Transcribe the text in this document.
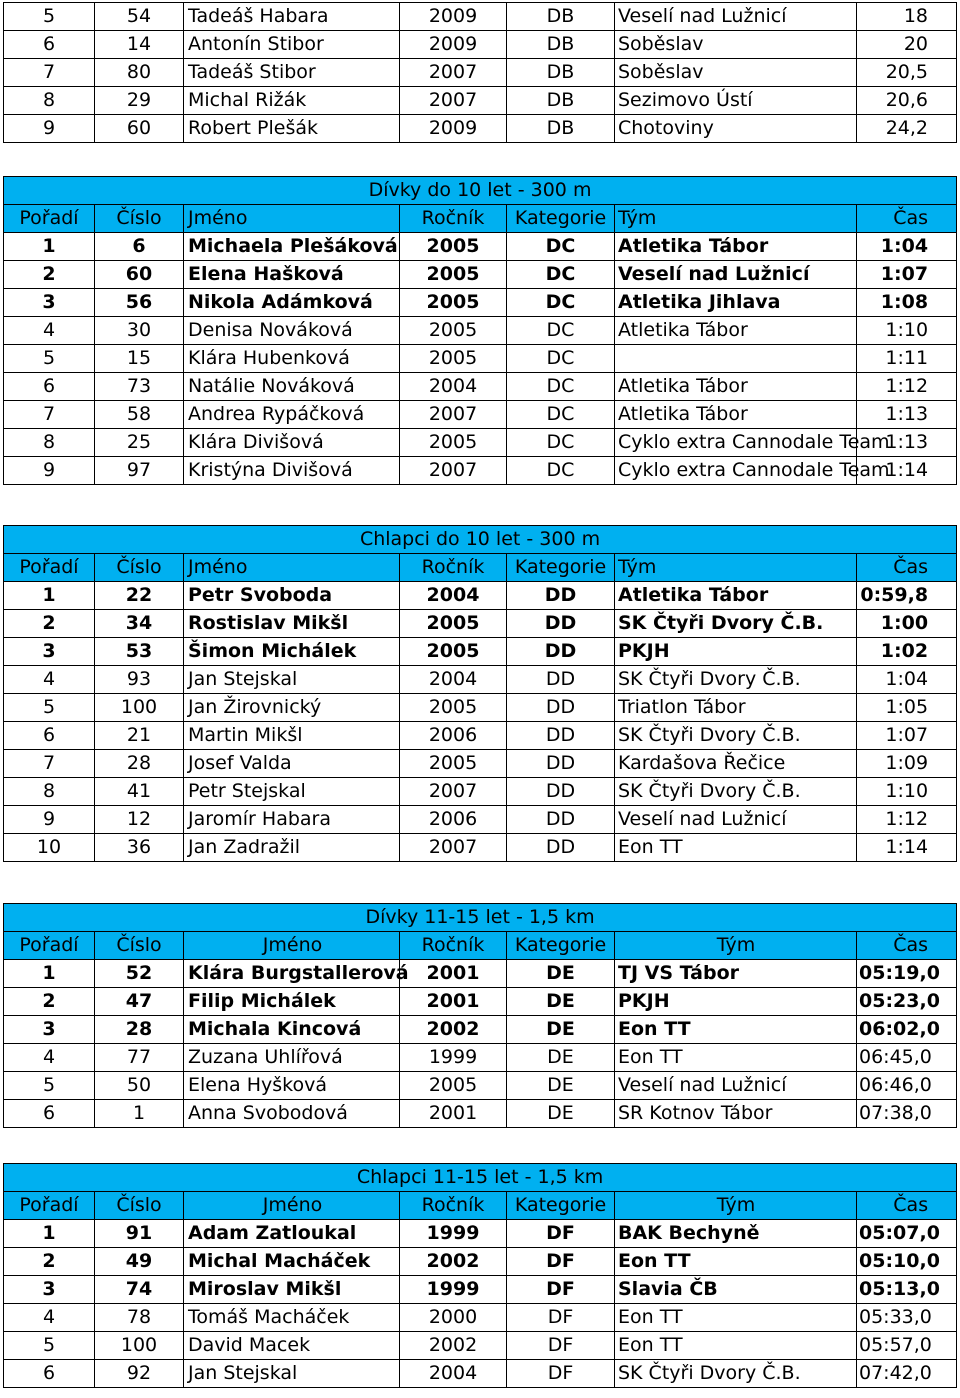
5	54	Tadeáš Habara	2009	DB	Veselí nad Lužnicí	18
6	14	Antonín Stibor	2009	DB	Soběslav	20
7	80	Tadeáš Stibor	2007	DB	Soběslav	20,5
8	29	Michal Rižák	2007	DB	Sezimovo Ústí	20,6
9	60	Robert Plešák	2009	DB	Chotoviny	24,2
Dívky do 10 let - 300 m						
Pořadí	Číslo	Jméno	Ročník	Kategorie	Tým	Čas
1	6	Michaela Plešáková	2005	DC	Atletika Tábor	1:04
2	60	Elena Hašková	2005	DC	Veselí nad Lužnicí	1:07
3	56	Nikola Adámková	2005	DC	Atletika Jihlava	1:08
4	30	Denisa Nováková	2005	DC	Atletika Tábor	1:10
5	15	Klára Hubenková	2005	DC		1:11
6	73	Natálie Nováková	2004	DC	Atletika Tábor	1:12
7	58	Andrea Rypáčková	2007	DC	Atletika Tábor	1:13
8	25	Klára Divišová	2005	DC	Cyklo extra Cannodale Team	1:13
9	97	Kristýna Divišová	2007	DC	Cyklo extra Cannodale Team	1:14
Chlapci do 10 let - 300 m						
Pořadí	Číslo	Jméno	Ročník	Kategorie	Tým	Čas
1	22	Petr Svoboda	2004	DD	Atletika Tábor	0:59,8
2	34	Rostislav Mikšl	2005	DD	SK Čtyři Dvory Č.B.	1:00
3	53	Šimon Michálek	2005	DD	PKJH	1:02
4	93	Jan Stejskal	2004	DD	SK Čtyři Dvory Č.B.	1:04
5	100	Jan Žirovnický	2005	DD	Triatlon Tábor	1:05
6	21	Martin Mikšl	2006	DD	SK Čtyři Dvory Č.B.	1:07
7	28	Josef Valda	2005	DD	Kardašova Řečice	1:09
8	41	Petr Stejskal	2007	DD	SK Čtyři Dvory Č.B.	1:10
9	12	Jaromír Habara	2006	DD	Veselí nad Lužnicí	1:12
10	36	Jan Zadražil	2007	DD	Eon TT	1:14
Dívky 11-15 let - 1,5 km						
Pořadí	Číslo	Jméno	Ročník	Kategorie	Tým	Čas
1	52	Klára Burgstallerová	2001	DE	TJ VS Tábor	05:19,0
2	47	Filip Michálek	2001	DE	PKJH	05:23,0
3	28	Michala Kincová	2002	DE	Eon TT	06:02,0
4	77	Zuzana Uhlířová	1999	DE	Eon TT	06:45,0
5	50	Elena Hyšková	2005	DE	Veselí nad Lužnicí	06:46,0
6	1	Anna Svobodová	2001	DE	SR Kotnov Tábor	07:38,0
Chlapci 11-15 let - 1,5 km						
Pořadí	Číslo	Jméno	Ročník	Kategorie	Tým	Čas
1	91	Adam Zatloukal	1999	DF	BAK Bechyně	05:07,0
2	49	Michal Macháček	2002	DF	Eon TT	05:10,0
3	74	Miroslav Mikšl	1999	DF	Slavia ČB	05:13,0
4	78	Tomáš Macháček	2000	DF	Eon TT	05:33,0
5	100	David Macek	2002	DF	Eon TT	05:57,0
6	92	Jan Stejskal	2004	DF	SK Čtyři Dvory Č.B.	07:42,0
